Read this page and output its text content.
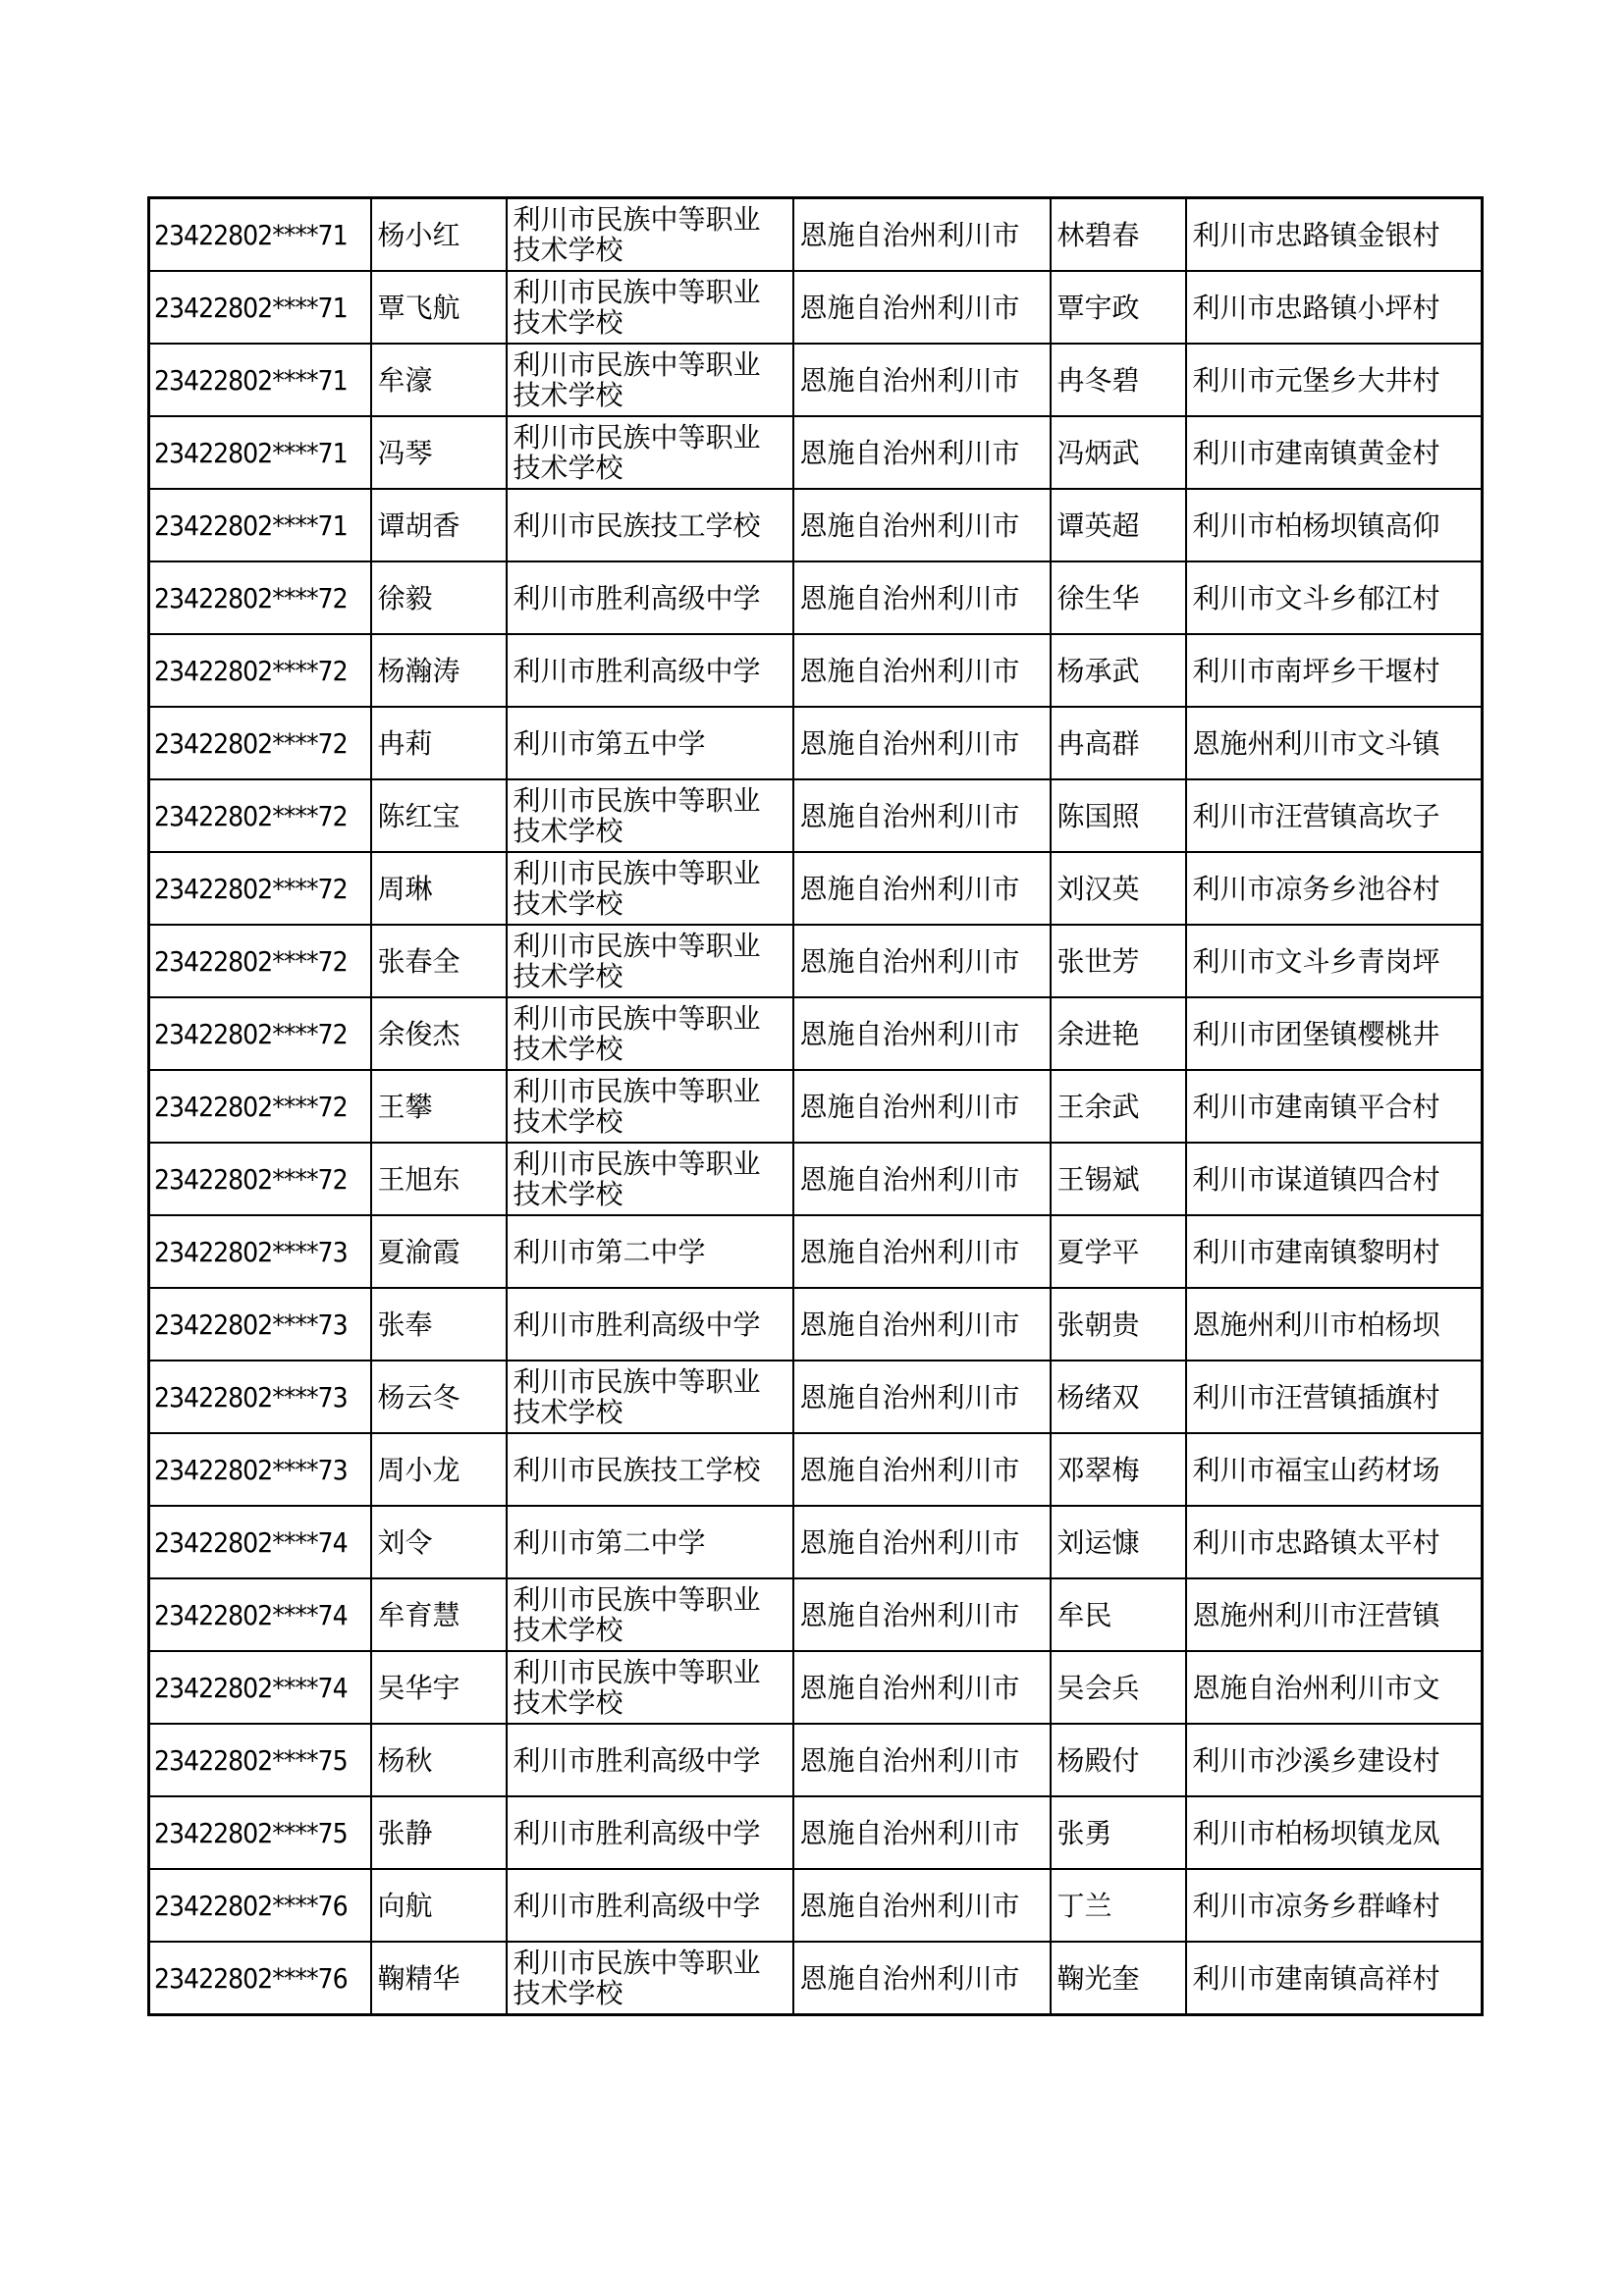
23422802****71	杨小红	利川市民族中等职业技术学校	恩施自治州利川市	林碧春	利川市忠路镇金银村
23422802****71	覃飞航	利川市民族中等职业技术学校	恩施自治州利川市	覃宇政	利川市忠路镇小坪村
23422802****71	牟濠	利川市民族中等职业技术学校	恩施自治州利川市	冉冬碧	利川市元堡乡大井村
23422802****71	冯琴	利川市民族中等职业技术学校	恩施自治州利川市	冯炳武	利川市建南镇黄金村
23422802****71	谭胡香	利川市民族技工学校	恩施自治州利川市	谭英超	利川市柏杨坝镇高仰
23422802****72	徐毅	利川市胜利高级中学	恩施自治州利川市	徐生华	利川市文斗乡郁江村
23422802****72	杨瀚涛	利川市胜利高级中学	恩施自治州利川市	杨承武	利川市南坪乡干堰村
23422802****72	冉莉	利川市第五中学	恩施自治州利川市	冉高群	恩施州利川市文斗镇
23422802****72	陈红宝	利川市民族中等职业技术学校	恩施自治州利川市	陈国照	利川市汪营镇高坎子
23422802****72	周琳	利川市民族中等职业技术学校	恩施自治州利川市	刘汉英	利川市凉务乡池谷村
23422802****72	张春全	利川市民族中等职业技术学校	恩施自治州利川市	张世芳	利川市文斗乡青岗坪
23422802****72	余俊杰	利川市民族中等职业技术学校	恩施自治州利川市	余进艳	利川市团堡镇樱桃井
23422802****72	王攀	利川市民族中等职业技术学校	恩施自治州利川市	王余武	利川市建南镇平合村
23422802****72	王旭东	利川市民族中等职业技术学校	恩施自治州利川市	王锡斌	利川市谋道镇四合村
23422802****73	夏渝霞	利川市第二中学	恩施自治州利川市	夏学平	利川市建南镇黎明村
23422802****73	张奉	利川市胜利高级中学	恩施自治州利川市	张朝贵	恩施州利川市柏杨坝
23422802****73	杨云冬	利川市民族中等职业技术学校	恩施自治州利川市	杨绪双	利川市汪营镇插旗村
23422802****73	周小龙	利川市民族技工学校	恩施自治州利川市	邓翠梅	利川市福宝山药材场
23422802****74	刘令	利川市第二中学	恩施自治州利川市	刘运慷	利川市忠路镇太平村
23422802****74	牟育慧	利川市民族中等职业技术学校	恩施自治州利川市	牟民	恩施州利川市汪营镇
23422802****74	吴华宇	利川市民族中等职业技术学校	恩施自治州利川市	吴会兵	恩施自治州利川市文
23422802****75	杨秋	利川市胜利高级中学	恩施自治州利川市	杨殿付	利川市沙溪乡建设村
23422802****75	张静	利川市胜利高级中学	恩施自治州利川市	张勇	利川市柏杨坝镇龙凤
23422802****76	向航	利川市胜利高级中学	恩施自治州利川市	丁兰	利川市凉务乡群峰村
23422802****76	鞠精华	利川市民族中等职业技术学校	恩施自治州利川市	鞠光奎	利川市建南镇高祥村
